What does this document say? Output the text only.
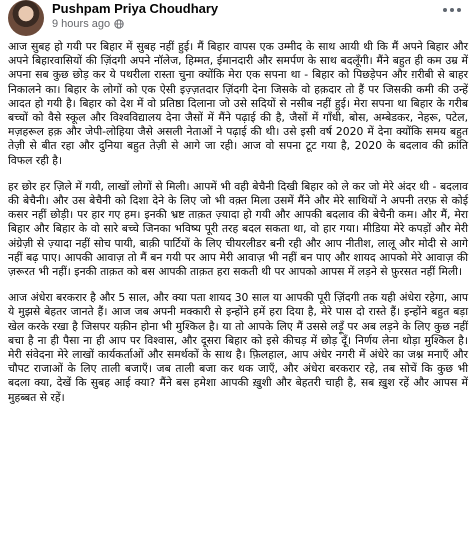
Pushpam Priya Choudhary
9 hours ago

आज सुबह हो गयी पर बिहार में सुबह नहीं हुई। मैं बिहार वापस एक उम्मीद के साथ आयी थी कि मैं अपने बिहार और अपने बिहारवासियों की ज़िंदगी अपने नॉलेज, हिम्मत, ईमानदारी और समर्पण के साथ बदलूँगी। मैंने बहुत ही कम उम्र में अपना सब कुछ छोड़ कर ये पथरीला रास्ता चुना क्योंकि मेरा एक सपना था - बिहार को पिछड़ेपन और ग़रीबी से बाहर निकालने का। बिहार के लोगों को एक ऐसी इज़्ज़तदार ज़िंदगी देना जिसके वो हक़दार तो हैं पर जिसकी कमी की उन्हें आदत हो गयी है। बिहार को देश में वो प्रतिष्ठा दिलाना जो उसे सदियों से नसीब नहीं हुई। मेरा सपना था बिहार के गरीब बच्चों को वैसे स्कूल और विश्वविद्यालय देना जैसों में मैंने पढ़ाई की है, जैसों में गाँधी, बोस, अम्बेडकर, नेहरू, पटेल, मज़हरूल हक़ और जेपी-लोहिया जैसे असली नेताओं ने पढ़ाई की थी। उसे इसी वर्ष 2020 में देना क्योंकि समय बहुत तेज़ी से बीत रहा और दुनिया बहुत तेज़ी से आगे जा रही। आज वो सपना टूट गया है, 2020 के बदलाव की क्रांति विफल रही है।

हर छोर हर ज़िले में गयी, लाखों लोगों से मिली। आपमें भी वही बेचैनी दिखी बिहार को ले कर जो मेरे अंदर थी - बदलाव की बेचैनी। और उस बेचैनी को दिशा देने के लिए जो भी वक़्त मिला उसमें मैंने और मेरे साथियों ने अपनी तरफ़ से कोई कसर नहीं छोड़ी। पर हार गए हम। इनकी भ्रष्ट ताक़त ज़्यादा हो गयी और आपकी बदलाव की बेचैनी कम। और मैं, मेरा बिहार और बिहार के वो सारे बच्चे जिनका भविष्य पूरी तरह बदल सकता था, वो हार गया। मीडिया मेरे कपड़ों और मेरी अंग्रेज़ी से ज़्यादा नहीं सोच पायी, बाक़ी पार्टियों के लिए चीयरलीडर बनी रही और आप नीतीश, लालू और मोदी से आगे नहीं बढ़ पाए। आपकी आवाज़ तो मैं बन गयी पर आप मेरी आवाज़ भी नहीं बन पाए और शायद आपको मेरे आवाज़ की ज़रूरत भी नहीं। इनकी ताक़त को बस आपकी ताक़त हरा सकती थी पर आपको आपस में लड़ने से फ़ुरसत नहीं मिली।

आज अंधेरा बरकरार है और 5 साल, और क्या पता शायद 30 साल या आपकी पूरी ज़िंदगी तक यही अंधेरा रहेगा, आप ये मुझसे बेहतर जानते हैं। आज जब अपनी मक्कारी से इन्होंने हमें हरा दिया है, मेरे पास दो रास्ते हैं। इन्होंने बहुत बड़ा खेल करके रखा है जिसपर यक़ीन होना भी मुश्किल है। या तो आपके लिए मैं उससे लड़ूँ पर अब लड़ने के लिए कुछ नहीं बचा है ना ही पैसा ना ही आप पर विश्वास, और दूसरा बिहार को इसे कीचड़ में छोड़ दूँ। निर्णय लेना थोड़ा मुश्किल है। मेरी संवेदना मेरे लाखों कार्यकर्ताओं और समर्थकों के साथ है। फ़िलहाल, आप अंधेर नगरी में अंधेरे का जश्न मनाएँ और चौपट राजाओं के लिए ताली बजाएँ। जब ताली बजा कर थक जाएँ, और अंधेरा बरकरार रहे, तब सोचें कि कुछ भी बदला क्या, देखें कि सुबह आई क्या? मैंने बस हमेशा आपकी ख़ुशी और बेहतरी चाही है, सब ख़ुश रहें और आपस में मुहब्बत से रहें।
